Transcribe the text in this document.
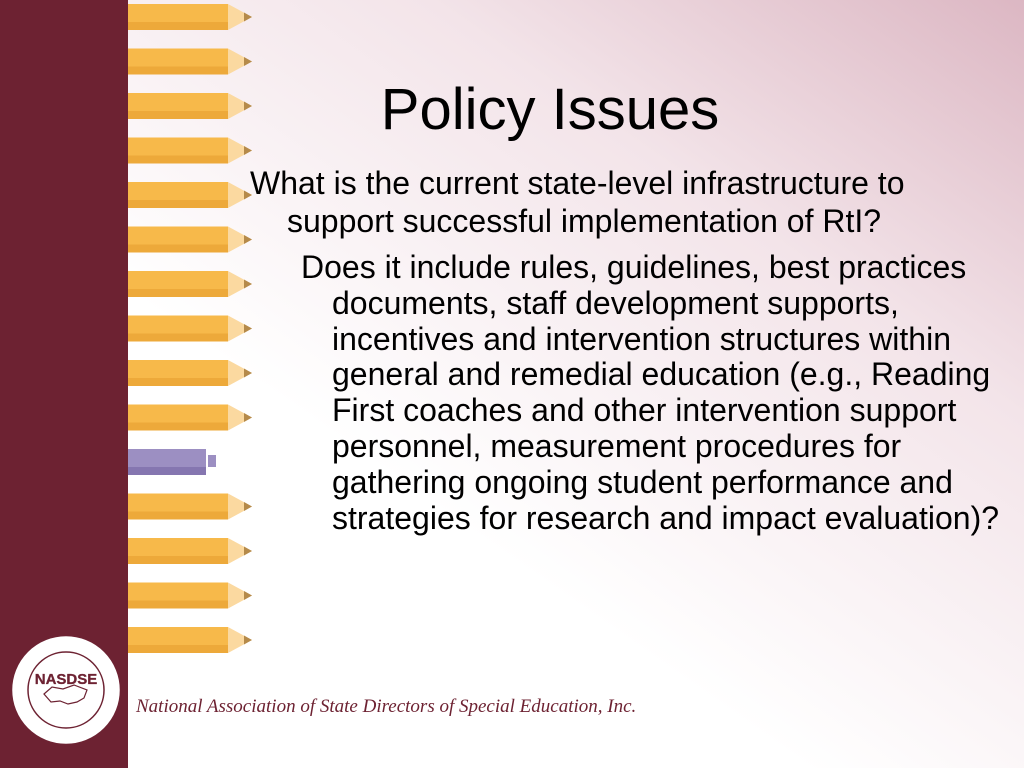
Policy Issues

What is the current state-level infrastructure to support successful implementation of RtI?

Does it include rules, guidelines, best practices documents, staff development supports, incentives and intervention structures within general and remedial education (e.g., Reading First coaches and other intervention support personnel, measurement procedures for gathering ongoing student performance and strategies for research and impact evaluation)?

NASDSE
National Association of State Directors of Special Education, Inc.
